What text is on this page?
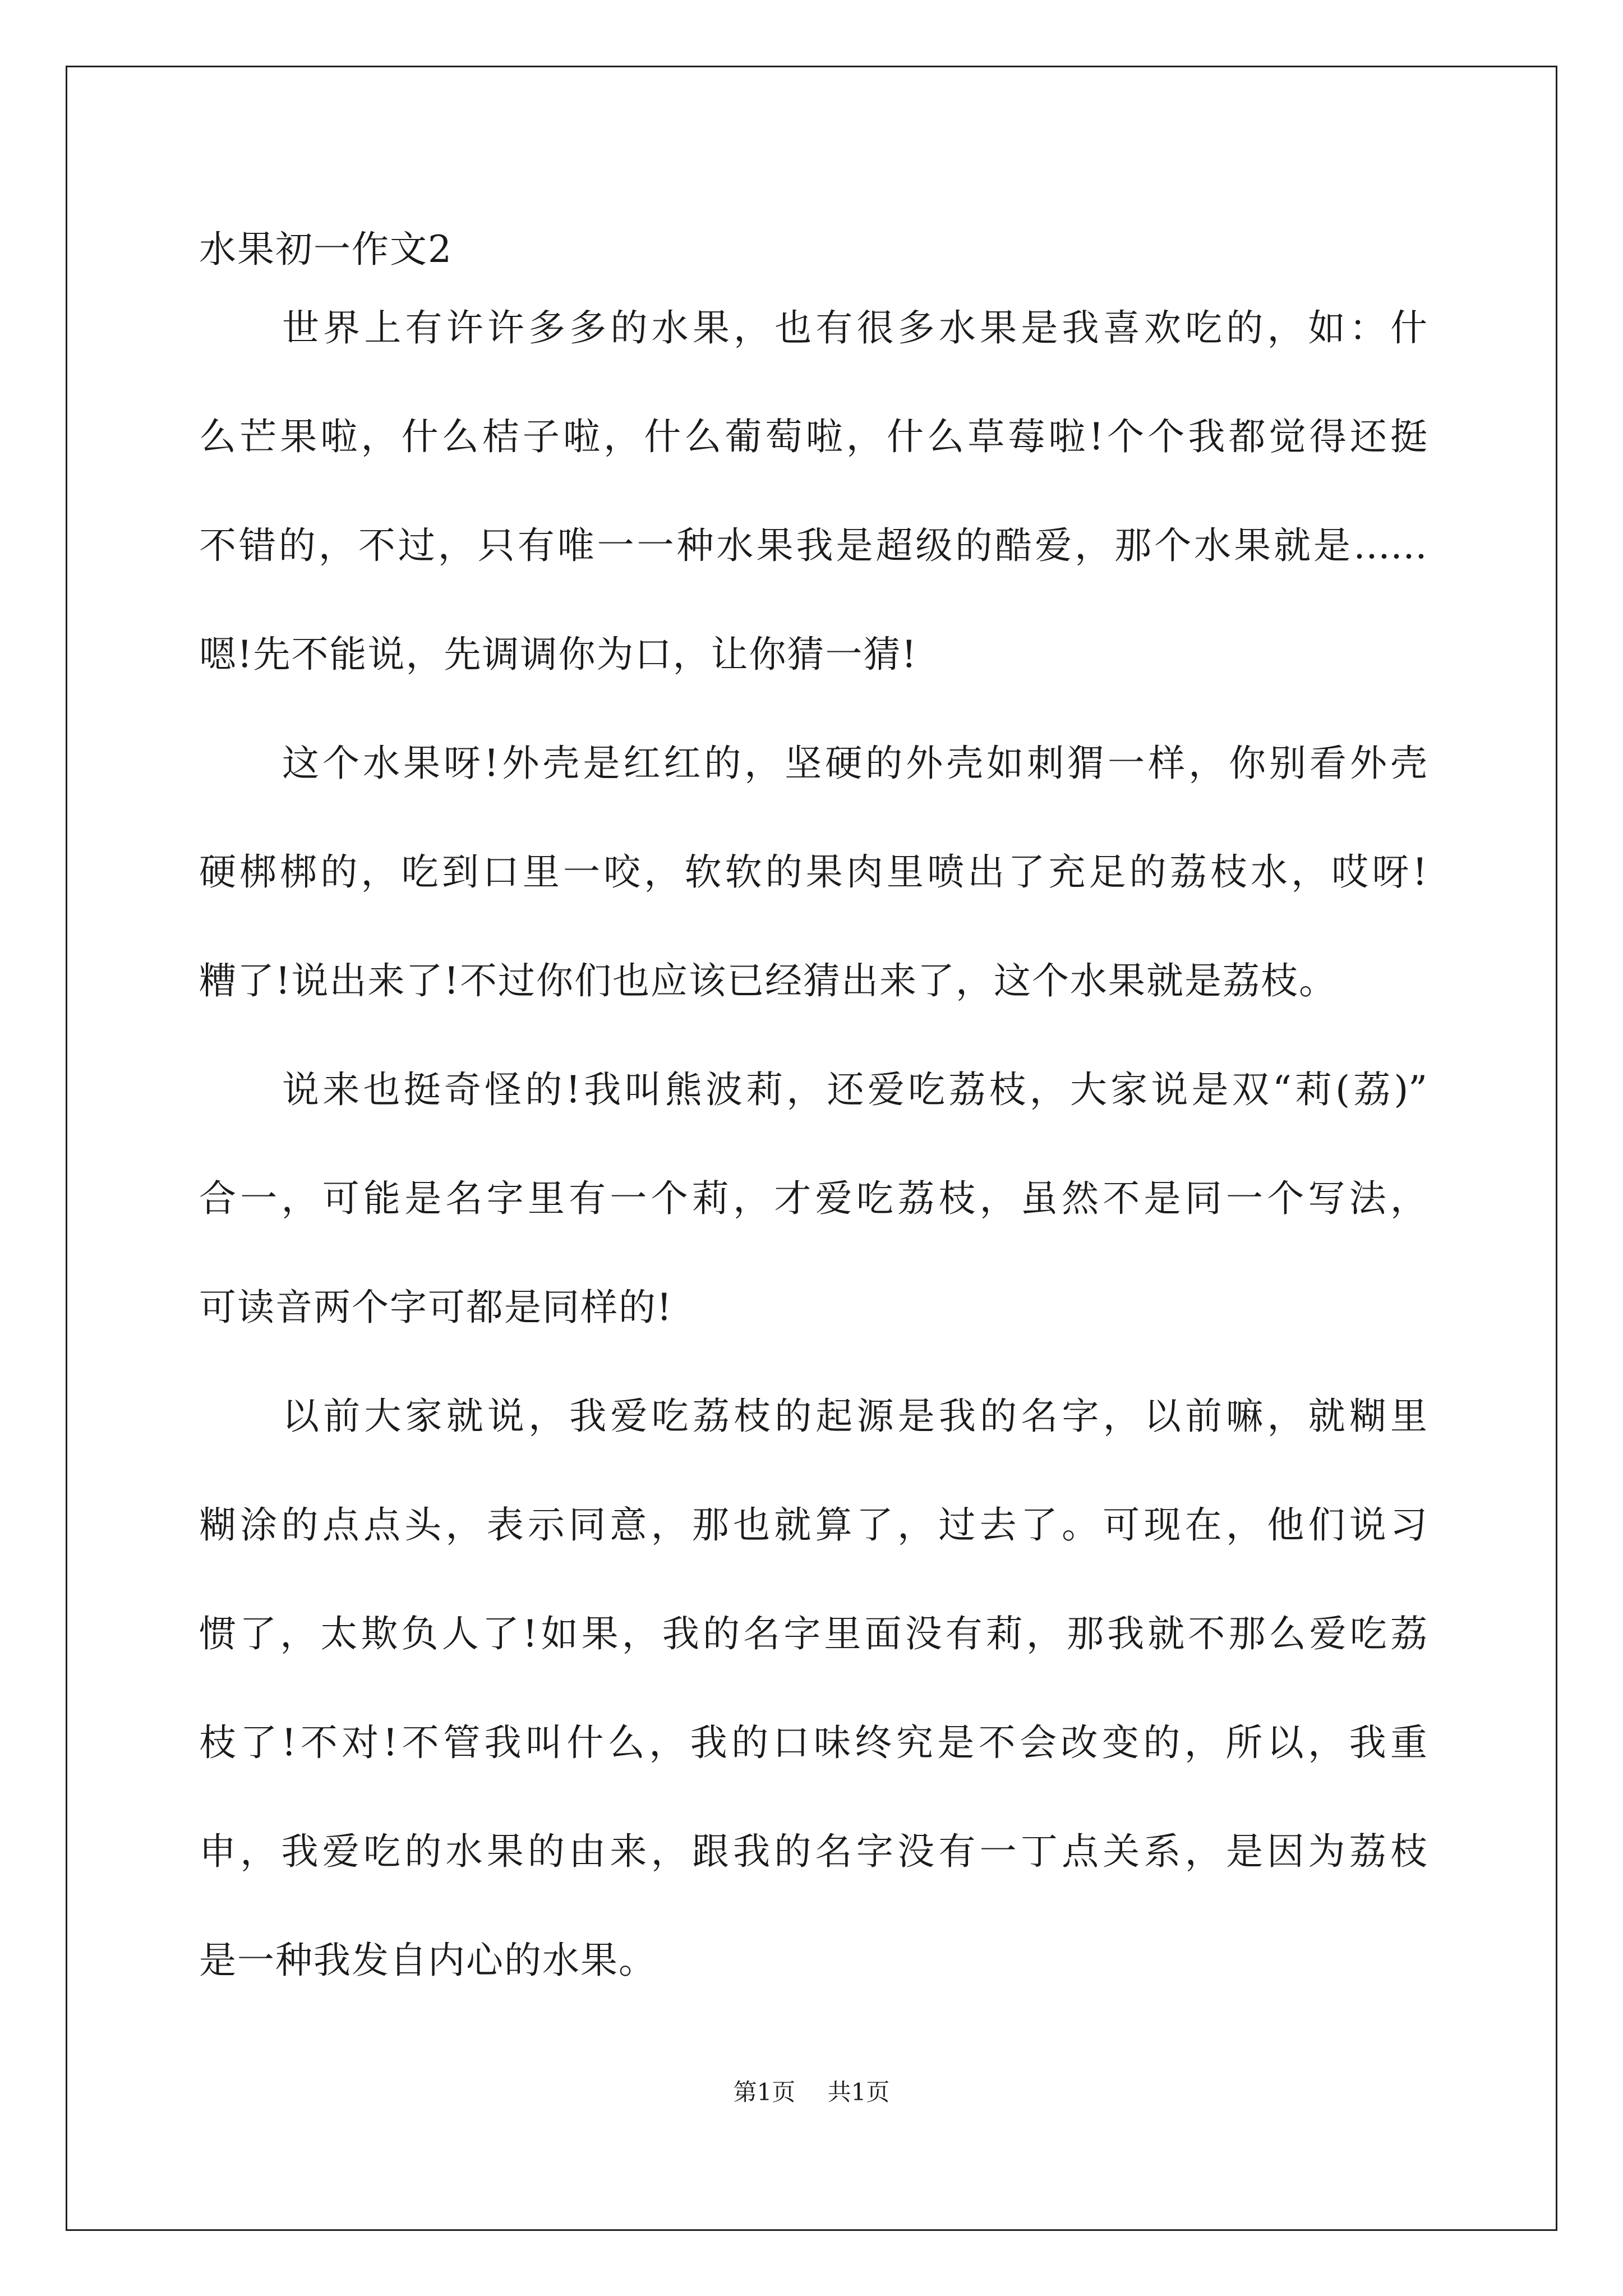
水果初一作文2
世界上有许许多多的水果，也有很多水果是我喜欢吃的，如：什
么芒果啦，什么桔子啦，什么葡萄啦，什么草莓啦!个个我都觉得还挺
不错的，不过，只有唯一一种水果我是超级的酷爱，那个水果就是……
嗯!先不能说，先调调你为口，让你猜一猜!
这个水果呀!外壳是红红的，坚硬的外壳如刺猬一样，你别看外壳
硬梆梆的，吃到口里一咬，软软的果肉里喷出了充足的荔枝水，哎呀!
糟了!说出来了!不过你们也应该已经猜出来了，这个水果就是荔枝。
说来也挺奇怪的!我叫熊波莉，还爱吃荔枝，大家说是双“莉(荔)”
合一，可能是名字里有一个莉，才爱吃荔枝，虽然不是同一个写法，
可读音两个字可都是同样的!
以前大家就说，我爱吃荔枝的起源是我的名字，以前嘛，就糊里
糊涂的点点头，表示同意，那也就算了，过去了。可现在，他们说习
惯了，太欺负人了!如果，我的名字里面没有莉，那我就不那么爱吃荔
枝了!不对!不管我叫什么，我的口味终究是不会改变的，所以，我重
申，我爱吃的水果的由来，跟我的名字没有一丁点关系，是因为荔枝
是一种我发自内心的水果。
第1页 共1页
